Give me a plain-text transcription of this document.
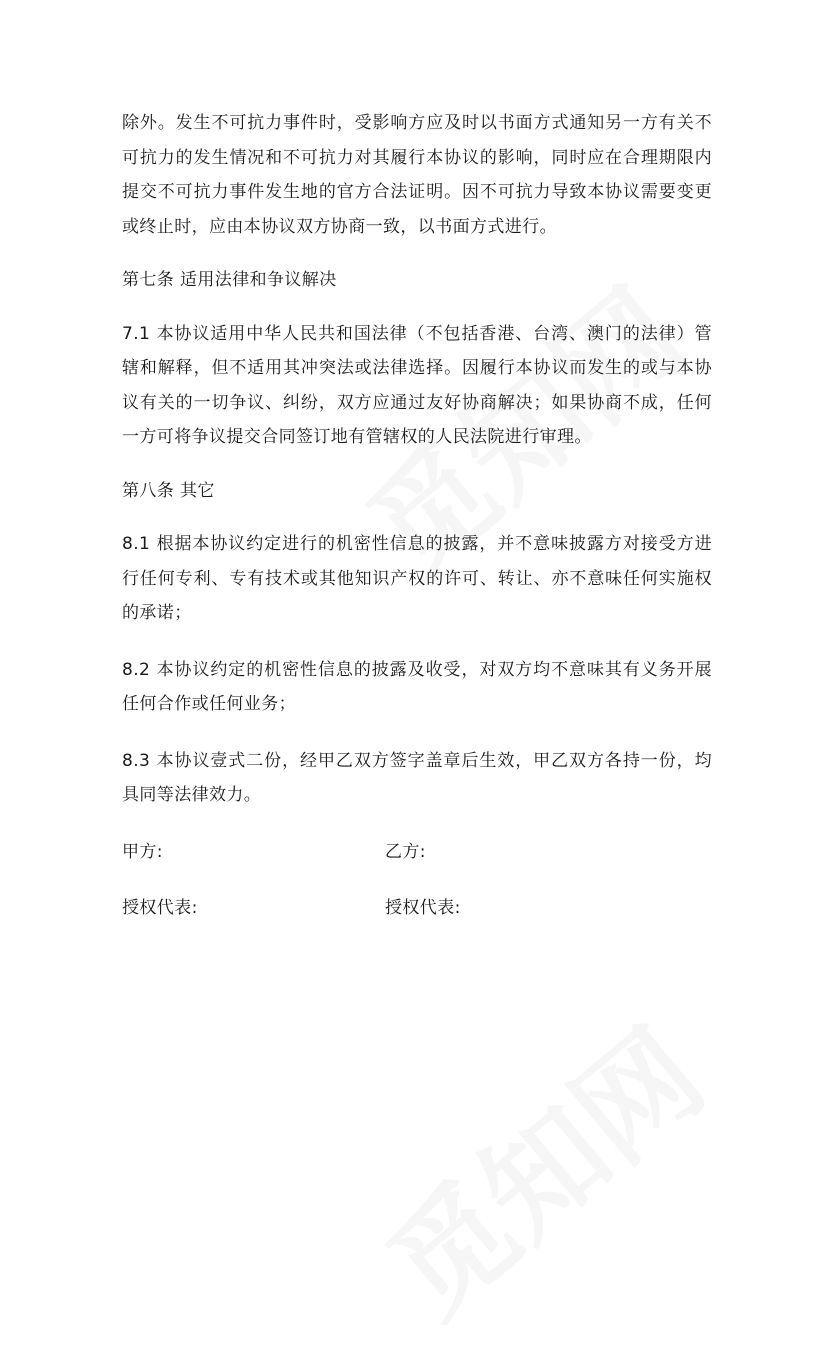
除外。发生不可抗力事件时，受影响方应及时以书面方式通知另一方有关不可抗力的发生情况和不可抗力对其履行本协议的影响，同时应在合理期限内提交不可抗力事件发生地的官方合法证明。因不可抗力导致本协议需要变更或终止时，应由本协议双方协商一致，以书面方式进行。

第七条 适用法律和争议解决

7.1 本协议适用中华人民共和国法律（不包括香港、台湾、澳门的法律）管辖和解释，但不适用其冲突法或法律选择。因履行本协议而发生的或与本协议有关的一切争议、纠纷，双方应通过友好协商解决；如果协商不成，任何一方可将争议提交合同签订地有管辖权的人民法院进行审理。

第八条 其它

8.1 根据本协议约定进行的机密性信息的披露，并不意味披露方对接受方进行任何专利、专有技术或其他知识产权的许可、转让、亦不意味任何实施权的承诺；

8.2 本协议约定的机密性信息的披露及收受，对双方均不意味其有义务开展任何合作或任何业务；

8.3 本协议壹式二份，经甲乙双方签字盖章后生效，甲乙双方各持一份，均具同等法律效力。

甲方:	乙方:
授权代表:	授权代表:
